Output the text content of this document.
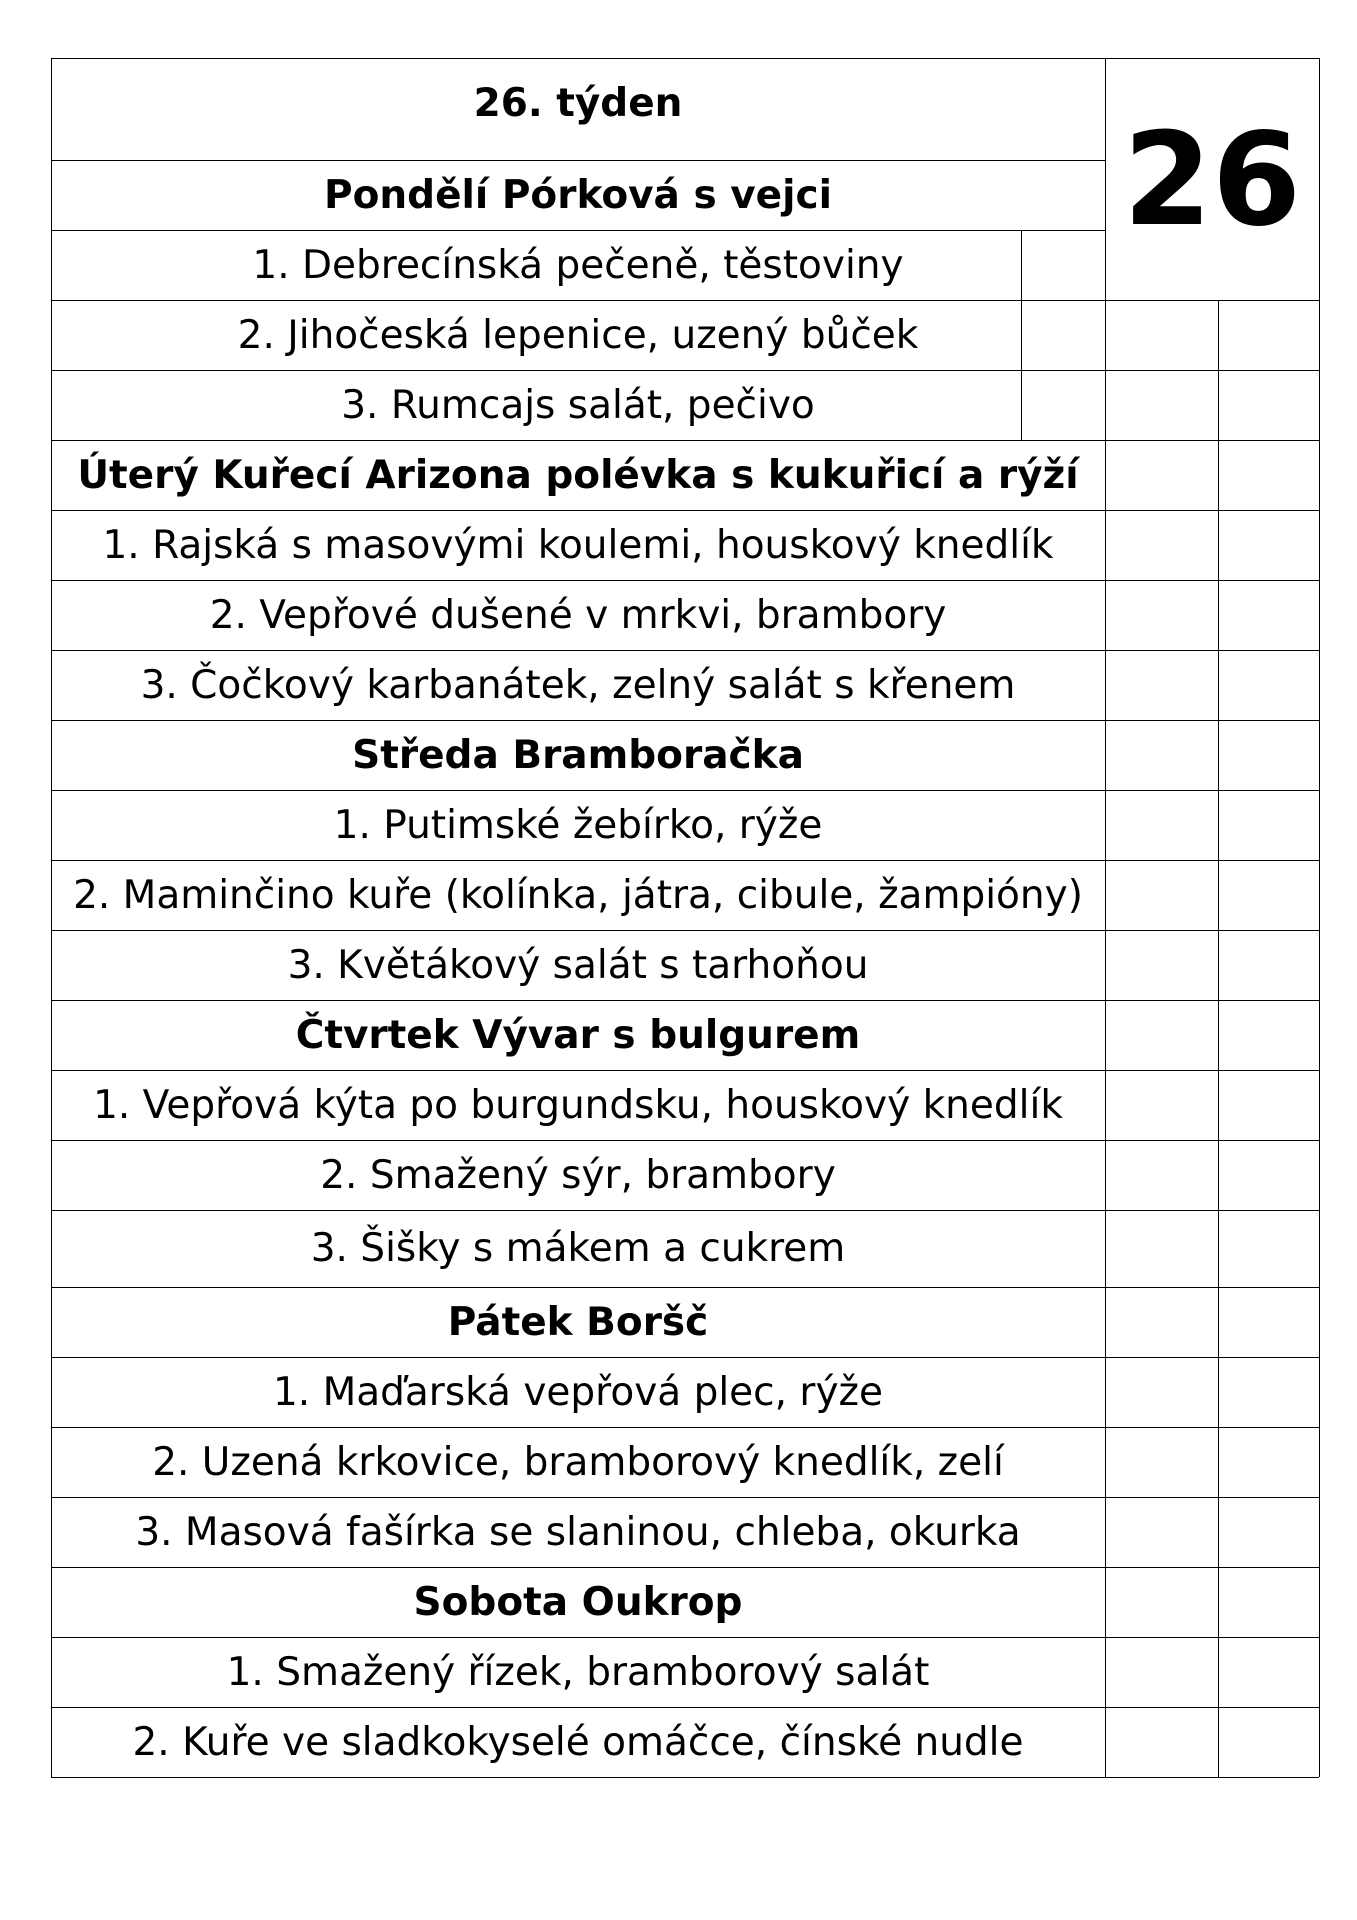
26. týden
26
Pondělí Pórková s vejci
1. Debrecínská pečeně, těstoviny
2. Jihočeská lepenice, uzený bůček
3. Rumcajs salát, pečivo
Úterý Kuřecí Arizona polévka s kukuřicí a rýží
1. Rajská s masovými koulemi, houskový knedlík
2. Vepřové dušené v mrkvi, brambory
3. Čočkový karbanátek, zelný salát s křenem
Středa Bramboračka
1. Putimské žebírko, rýže
2. Maminčino kuře (kolínka, játra, cibule, žampióny)
3. Květákový salát s tarhoňou
Čtvrtek Vývar s bulgurem
1. Vepřová kýta po burgundsku, houskový knedlík
2. Smažený sýr, brambory
3. Šišky s mákem a cukrem
Pátek Boršč
1. Maďarská vepřová plec, rýže
2. Uzená krkovice, bramborový knedlík, zelí
3. Masová fašírka se slaninou, chleba, okurka
Sobota Oukrop
1. Smažený řízek, bramborový salát
2. Kuře ve sladkokyselé omáčce, čínské nudle
